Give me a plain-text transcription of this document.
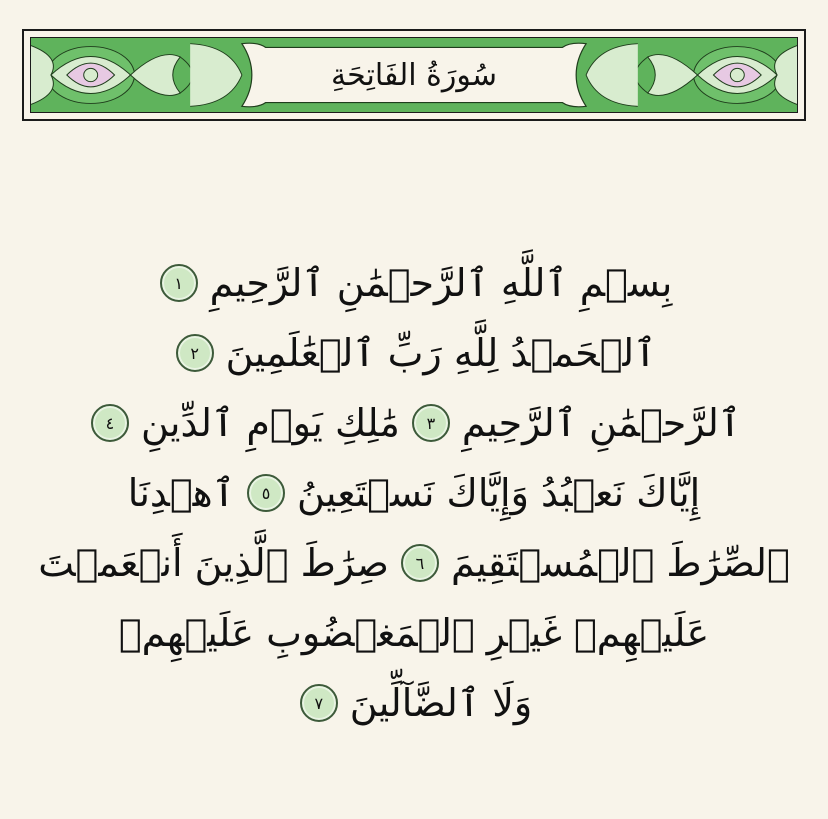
سُورَةُ الفَاتِحَةِ
بِسۡمِ ٱللَّهِ ٱلرَّحۡمَٰنِ ٱلرَّحِيمِ
١
ٱلۡحَمۡدُ لِلَّهِ رَبِّ ٱلۡعَٰلَمِينَ
٢
ٱلرَّحۡمَٰنِ ٱلرَّحِيمِ
٣
مَٰلِكِ يَوۡمِ ٱلدِّينِ
٤
إِيَّاكَ نَعۡبُدُ وَإِيَّاكَ نَسۡتَعِينُ
٥
ٱهۡدِنَا
ٱلصِّرَٰطَ ٱلۡمُسۡتَقِيمَ
٦
صِرَٰطَ ٱلَّذِينَ أَنۡعَمۡتَ
عَلَيۡهِمۡ غَيۡرِ ٱلۡمَغۡضُوبِ عَلَيۡهِمۡ
وَلَا ٱلضَّآلِّينَ
٧
